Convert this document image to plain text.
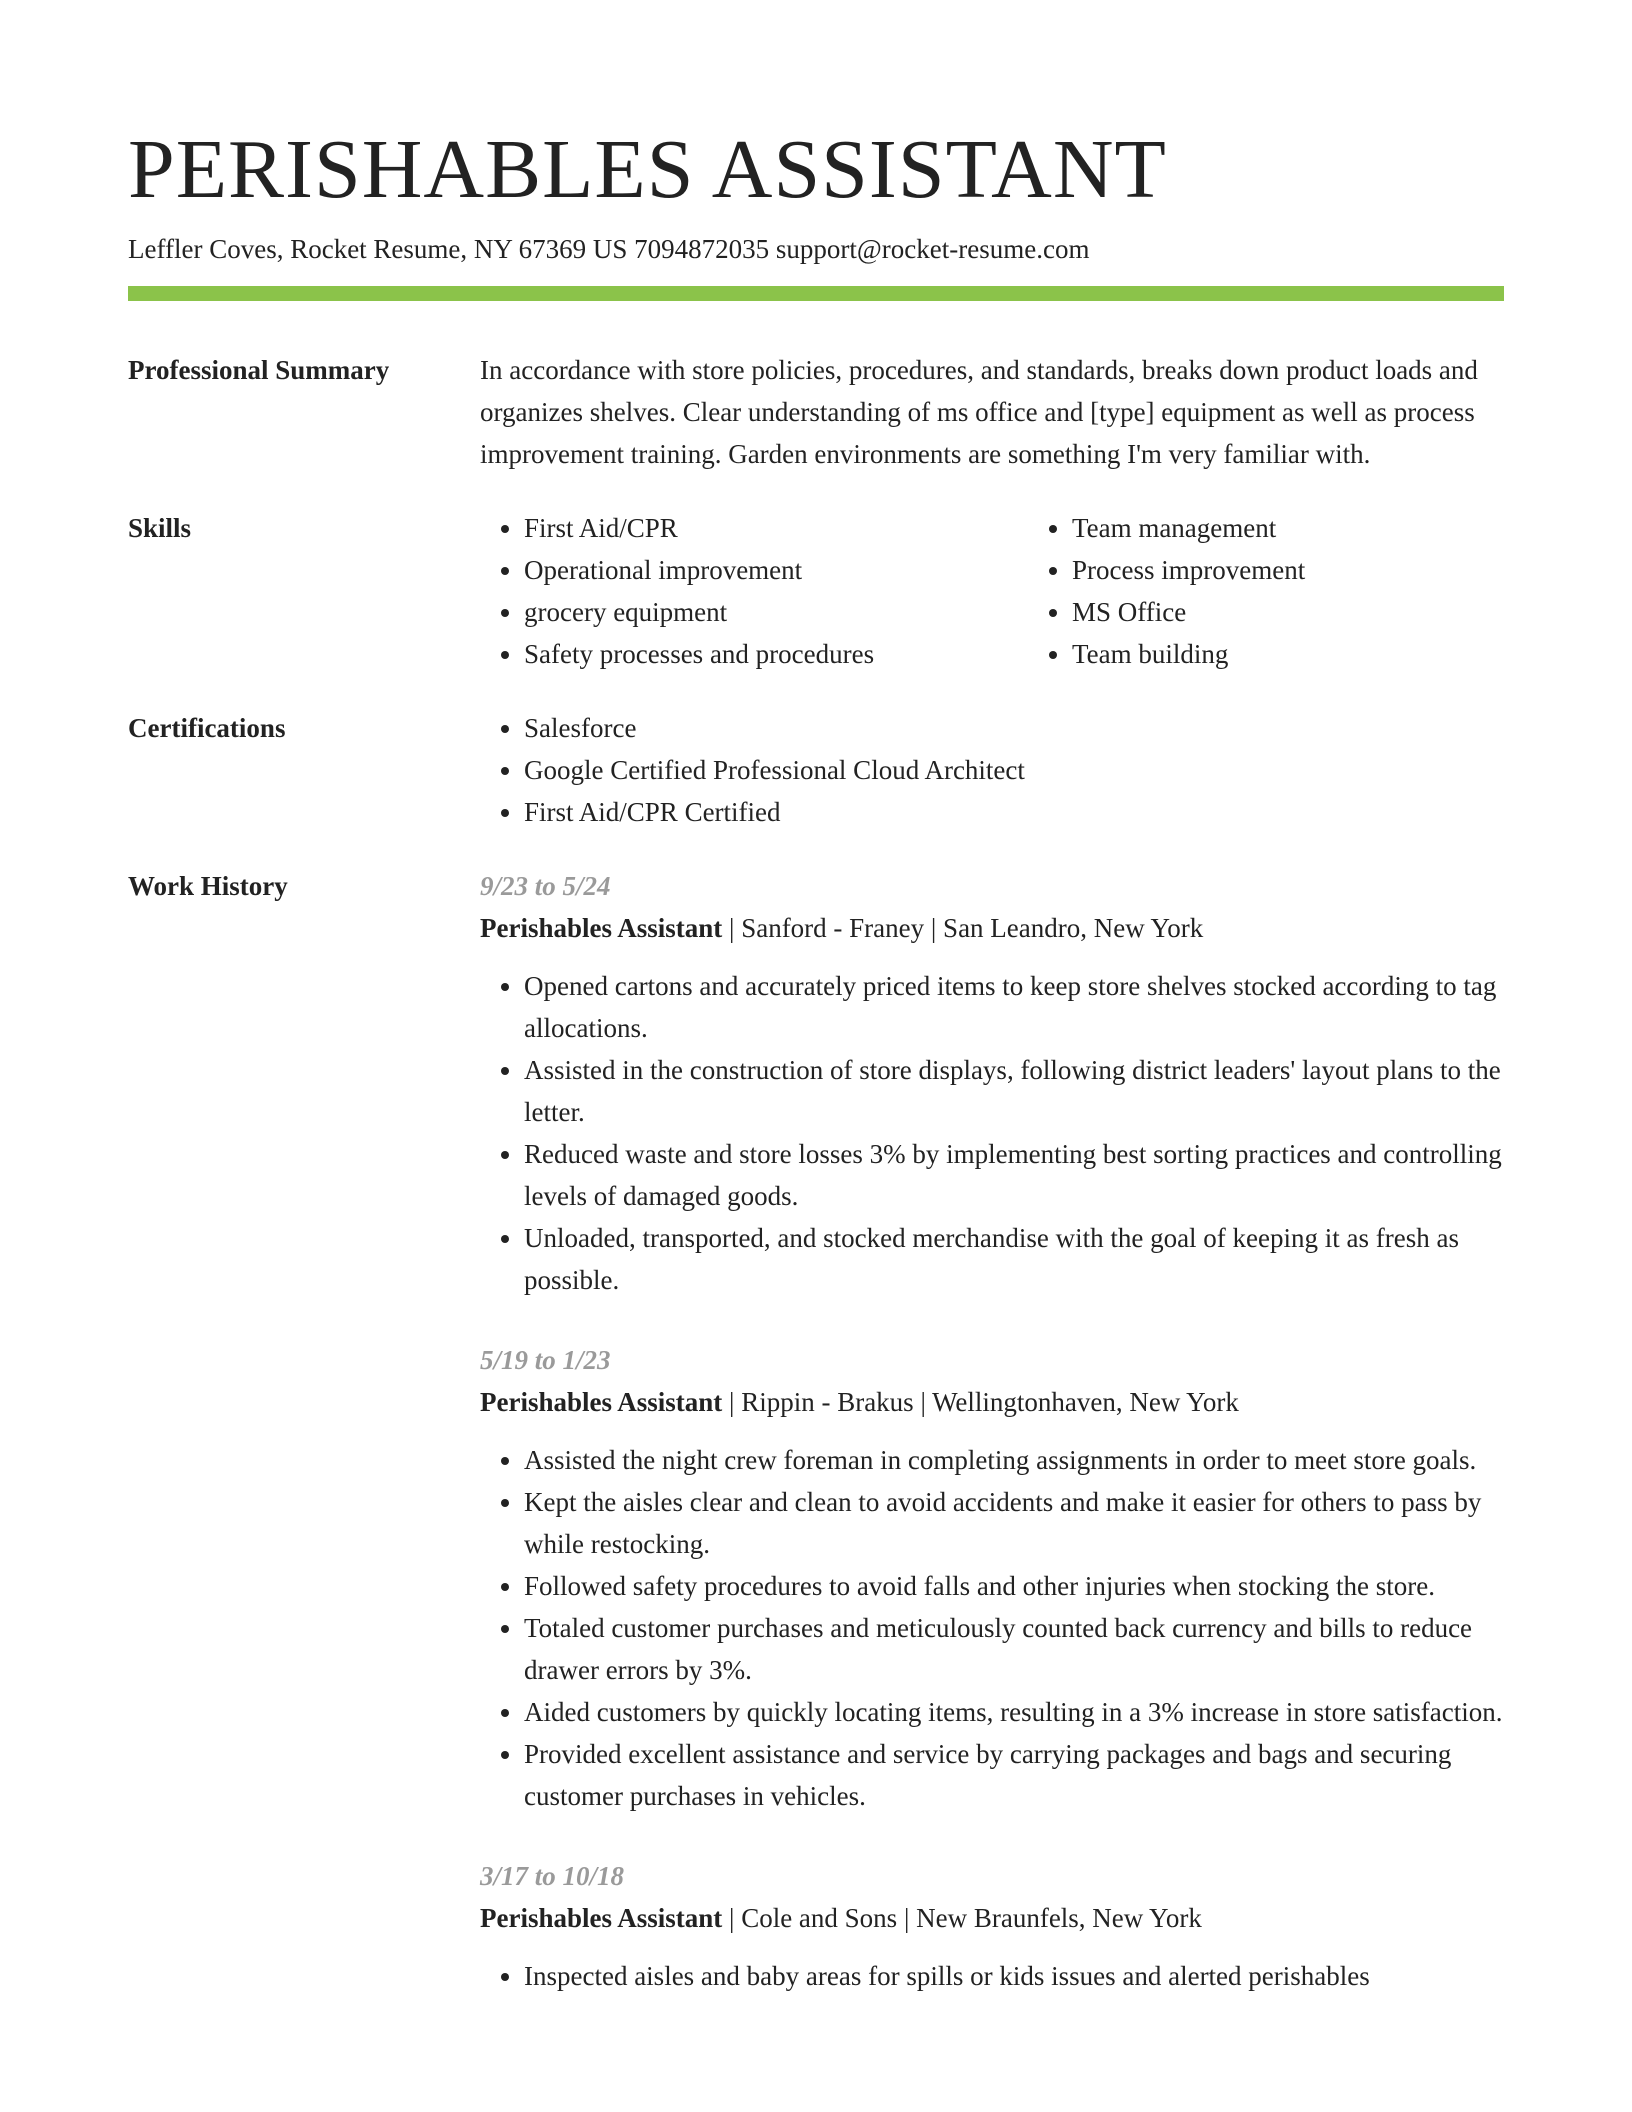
PERISHABLES ASSISTANT
Leffler Coves, Rocket Resume, NY 67369 US 7094872035 support@rocket-resume.com
Professional Summary	In accordance with store policies, procedures, and standards, breaks down product loads and organizes shelves. Clear understanding of ms office and [type] equipment as well as process improvement training. Garden environments are something I'm very familiar with.

Skills	• First Aid/CPR
• Operational improvement
• grocery equipment
• Safety processes and procedures
• Team management
• Process improvement
• MS Office
• Team building
Certifications	• Salesforce
• Google Certified Professional Cloud Architect
• First Aid/CPR Certified
Work History	9/23 to 5/24
Perishables Assistant | Sanford - Franey | San Leandro, New York
• Opened cartons and accurately priced items to keep store shelves stocked according to tag allocations.
• Assisted in the construction of store displays, following district leaders' layout plans to the letter.
• Reduced waste and store losses 3% by implementing best sorting practices and controlling levels of damaged goods.
• Unloaded, transported, and stocked merchandise with the goal of keeping it as fresh as possible.
5/19 to 1/23
Perishables Assistant | Rippin - Brakus | Wellingtonhaven, New York
• Assisted the night crew foreman in completing assignments in order to meet store goals.
• Kept the aisles clear and clean to avoid accidents and make it easier for others to pass by while restocking.
• Followed safety procedures to avoid falls and other injuries when stocking the store.
• Totaled customer purchases and meticulously counted back currency and bills to reduce drawer errors by 3%.
• Aided customers by quickly locating items, resulting in a 3% increase in store satisfaction.
• Provided excellent assistance and service by carrying packages and bags and securing customer purchases in vehicles.
3/17 to 10/18
Perishables Assistant | Cole and Sons | New Braunfels, New York
• Inspected aisles and baby areas for spills or kids issues and alerted perishables
